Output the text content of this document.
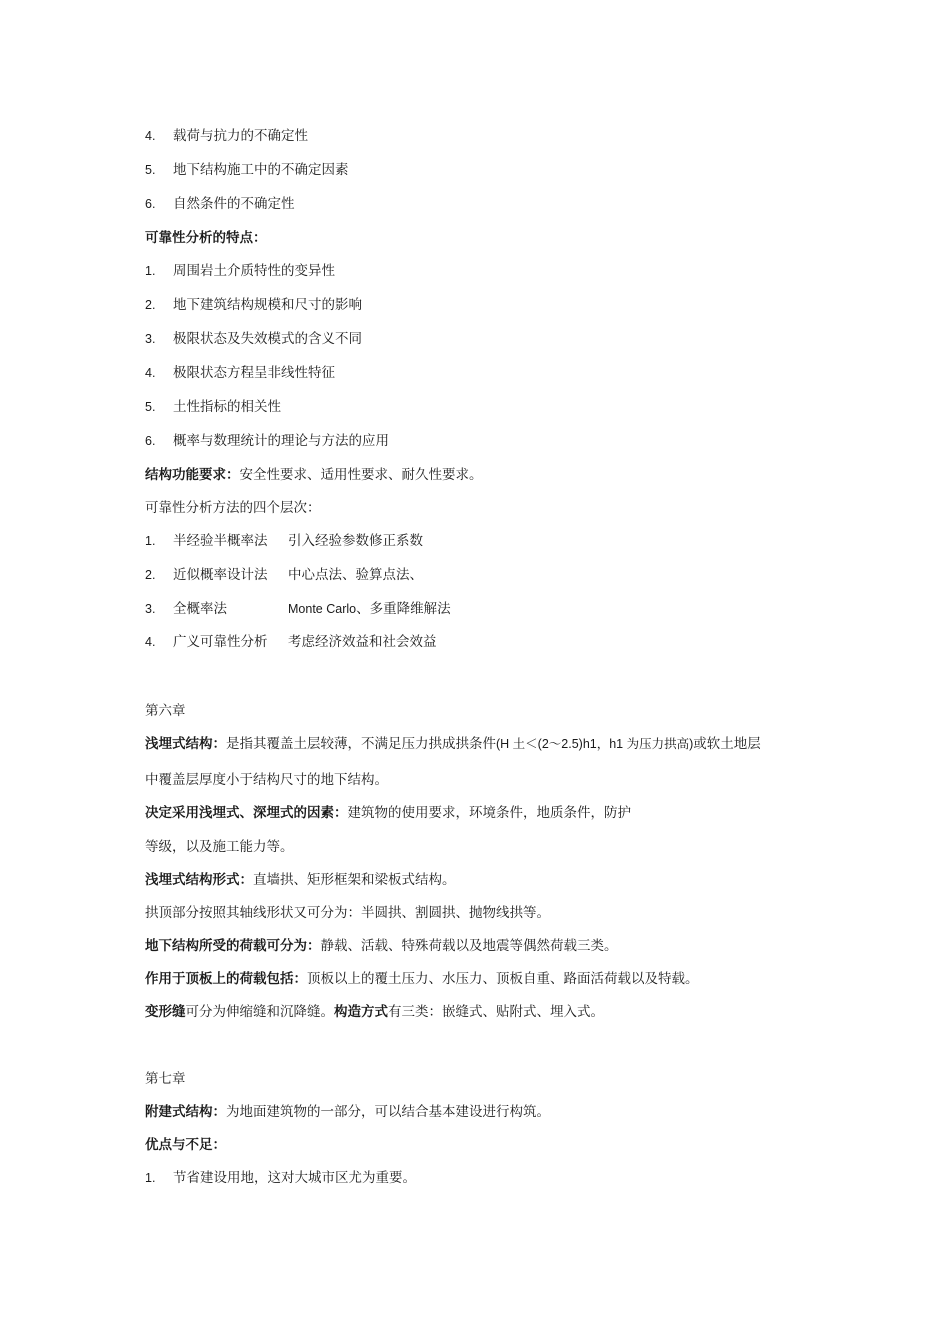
4. 载荷与抗力的不确定性
5. 地下结构施工中的不确定因素
6. 自然条件的不确定性
可靠性分析的特点：
1. 周围岩土介质特性的变异性
2. 地下建筑结构规模和尺寸的影响
3. 极限状态及失效模式的含义不同
4. 极限状态方程呈非线性特征
5. 土性指标的相关性
6. 概率与数理统计的理论与方法的应用
结构功能要求：安全性要求、适用性要求、耐久性要求。
可靠性分析方法的四个层次：
1. 半经验半概率法 引入经验参数修正系数
2. 近似概率设计法 中心点法、验算点法、
3. 全概率法	Monte Carlo、多重降维解法
4. 广义可靠性分析 考虑经济效益和社会效益
第六章
浅埋式结构：是指其覆盖土层较薄，不满足压力拱成拱条件(H 土＜(2～2.5)h1，h1 为压力拱高)或软土地层
中覆盖层厚度小于结构尺寸的地下结构。
决定采用浅埋式、深埋式的因素：建筑物的使用要求，环境条件，地质条件，防护
等级，以及施工能力等。
浅埋式结构形式：直墙拱、矩形框架和梁板式结构。
拱顶部分按照其轴线形状又可分为：半圆拱、割圆拱、抛物线拱等。
地下结构所受的荷载可分为：静载、活载、特殊荷载以及地震等偶然荷载三类。
作用于顶板上的荷载包括：顶板以上的覆土压力、水压力、顶板自重、路面活荷载以及特载。
变形缝可分为伸缩缝和沉降缝。构造方式有三类：嵌缝式、贴附式、埋入式。
第七章
附建式结构：为地面建筑物的一部分，可以结合基本建设进行构筑。
优点与不足：
1. 节省建设用地，这对大城市区尤为重要。
